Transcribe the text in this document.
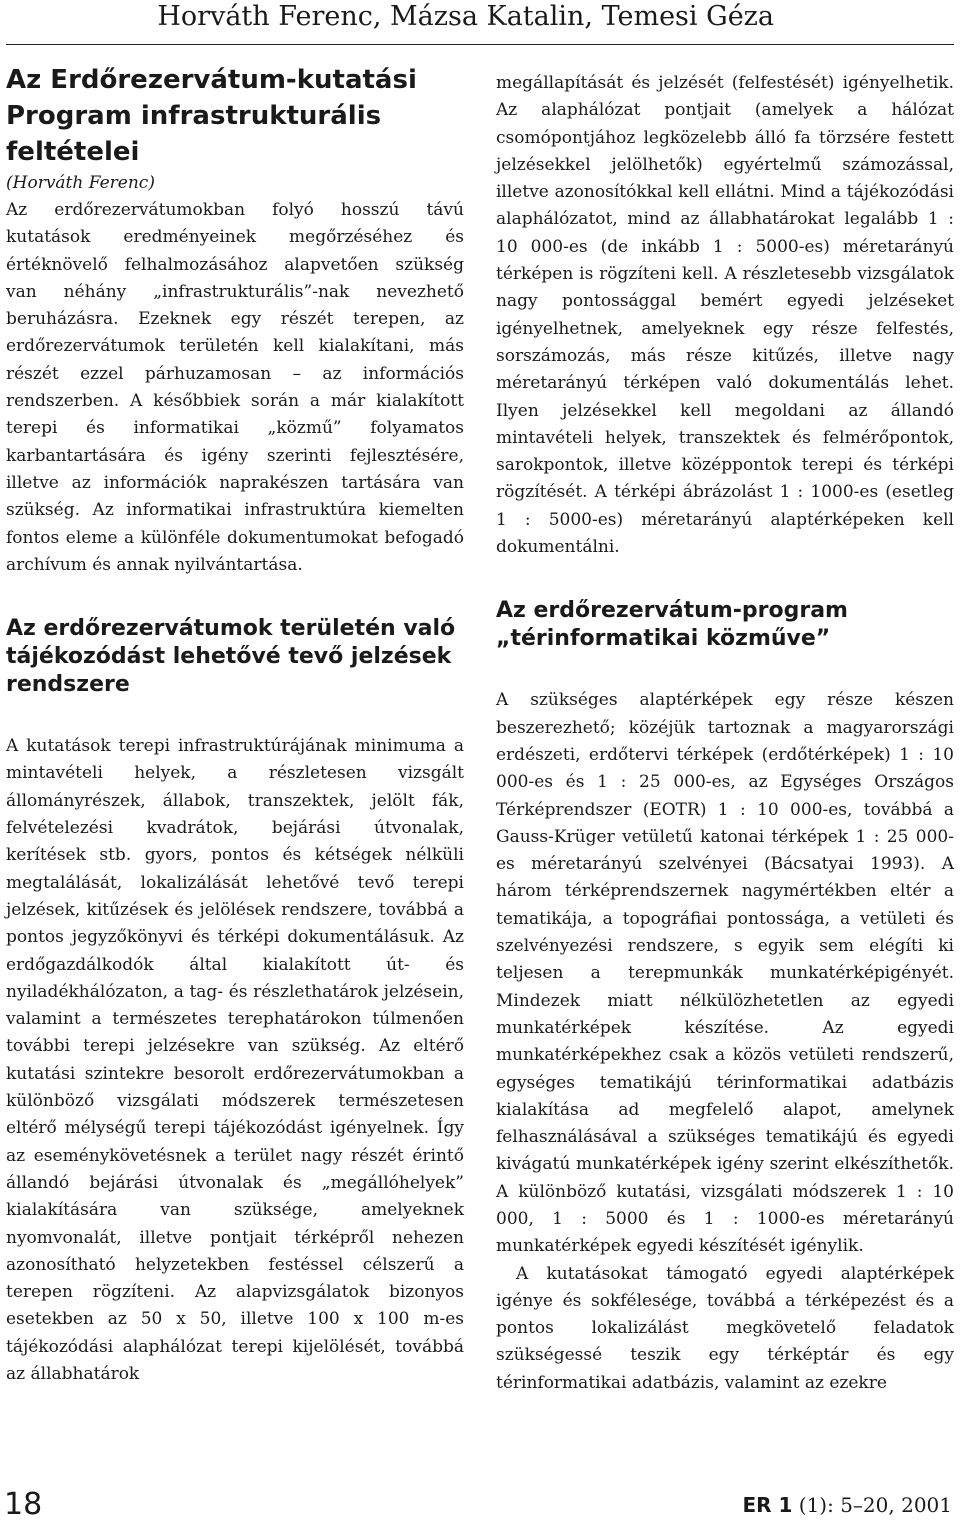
Horváth Ferenc, Mázsa Katalin, Temesi Géza
Az Erdőrezervátum-kutatási Program infrastrukturális feltételei

(Horváth Ferenc)

Az erdőrezervátumokban folyó hosszú távú kutatások eredményeinek megőrzéséhez és értéknövelő felhalmozásához alapvetően szükség van néhány „infrastrukturális”-nak nevezhető beruházásra. Ezeknek egy részét terepen, az erdőrezervátumok területén kell kialakítani, más részét ezzel párhuzamosan – az információs rendszerben. A későbbiek során a már kialakított terepi és informatikai „közmű” folyamatos karbantartására és igény szerinti fejlesztésére, illetve az információk naprakészen tartására van szükség. Az informatikai infrastruktúra kiemelten fontos eleme a különféle dokumentumokat befogadó archívum és annak nyilvántartása.

Az erdőrezervátumok területén való tájékozódást lehetővé tevő jelzések rendszere

A kutatások terepi infrastruktúrájának minimuma a mintavételi helyek, a részletesen vizsgált állományrészek, állabok, transzektek, jelölt fák, felvételezési kvadrátok, bejárási útvonalak, kerítések stb. gyors, pontos és kétségek nélküli megtalálását, lokalizálását lehetővé tevő terepi jelzések, kitűzések és jelölések rendszere, továbbá a pontos jegyzőkönyvi és térképi dokumentálásuk. Az erdőgazdálkodók által kialakított út- és nyiladékhálózaton, a tag- és részlethatárok jelzésein, valamint a természetes terephatárokon túlmenően további terepi jelzésekre van szükség. Az eltérő kutatási szintekre besorolt erdőrezervátumokban a különböző vizsgálati módszerek természetesen eltérő mélységű terepi tájékozódást igényelnek. Így az eseménykövetésnek a terület nagy részét érintő állandó bejárási útvonalak és „megállóhelyek” kialakítására van szüksége, amelyeknek nyomvonalát, illetve pontjait térképről nehezen azonosítható helyzetekben festéssel célszerű a terepen rögzíteni. Az alapvizsgálatok bizonyos esetekben az 50 x 50, illetve 100 x 100 m-es tájékozódási alaphálózat terepi kijelölését, továbbá az állabhatárok

megállapítását és jelzését (felfestését) igényelhetik. Az alaphálózat pontjait (amelyek a hálózat csomópontjához legközelebb álló fa törzsére festett jelzésekkel jelölhetők) egyértelmű számozással, illetve azonosítókkal kell ellátni. Mind a tájékozódási alaphálózatot, mind az állabhatárokat legalább 1 : 10 000-es (de inkább 1 : 5000-es) méretarányú térképen is rögzíteni kell. A részletesebb vizsgálatok nagy pontossággal bemért egyedi jelzéseket igényelhetnek, amelyeknek egy része felfestés, sorszámozás, más része kitűzés, illetve nagy méretarányú térképen való dokumentálás lehet. Ilyen jelzésekkel kell megoldani az állandó mintavételi helyek, transzektek és felmérőpontok, sarokpontok, illetve középpontok terepi és térképi rögzítését. A térképi ábrázolást 1 : 1000-es (esetleg 1 : 5000-es) méretarányú alaptérképeken kell dokumentálni.

Az erdőrezervátum-program „térinformatikai közműve”

A szükséges alaptérképek egy része készen beszerezhető; közéjük tartoznak a magyarországi erdészeti, erdőtervi térképek (erdőtérképek) 1 : 10 000-es és 1 : 25 000-es, az Egységes Országos Térképrendszer (EOTR) 1 : 10 000-es, továbbá a Gauss-Krüger vetületű katonai térképek 1 : 25 000-es méretarányú szelvényei (Bácsatyai 1993). A három térképrendszernek nagymértékben eltér a tematikája, a topográfiai pontossága, a vetületi és szelvényezési rendszere, s egyik sem elégíti ki teljesen a terepmunkák munkatérképigényét. Mindezek miatt nélkülözhetetlen az egyedi munkatérképek készítése. Az egyedi munkatérképekhez csak a közös vetületi rendszerű, egységes tematikájú térinformatikai adatbázis kialakítása ad megfelelő alapot, amelynek felhasználásával a szükséges tematikájú és egyedi kivágatú munkatérképek igény szerint elkészíthetők. A különböző kutatási, vizsgálati módszerek 1 : 10 000, 1 : 5000 és 1 : 1000-es méretarányú munkatérképek egyedi készítését igénylik.

A kutatásokat támogató egyedi alaptérképek igénye és sokfélesége, továbbá a térképezést és a pontos lokalizálást megkövetelő feladatok szükségessé teszik egy térképtár és egy térinformatikai adatbázis, valamint az ezekre

18	ER 1 (1): 5–20, 2001
